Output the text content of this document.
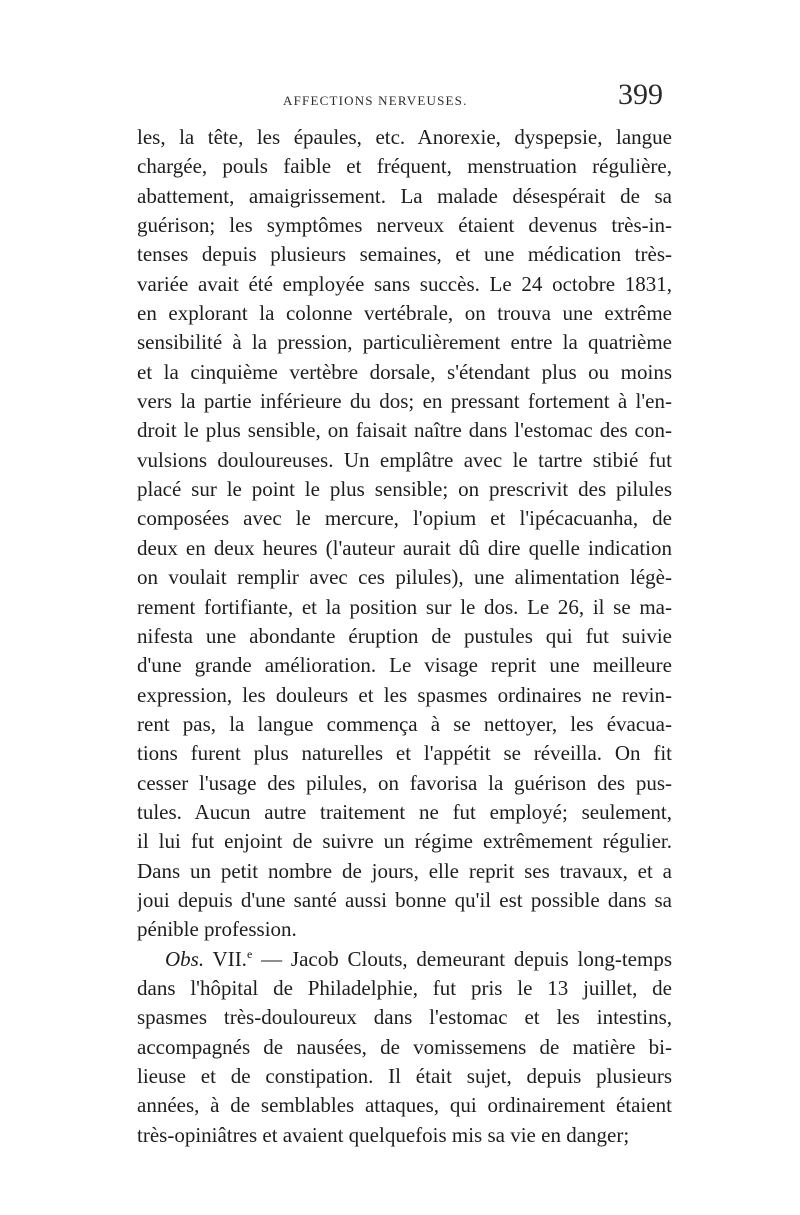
AFFECTIONS NERVEUSES.	399
les, la tête, les épaules, etc. Anorexie, dyspepsie, langue
chargée, pouls faible et fréquent, menstruation régulière,
abattement, amaigrissement. La malade désespérait de sa
guérison; les symptômes nerveux étaient devenus très-in-
tenses depuis plusieurs semaines, et une médication très-
variée avait été employée sans succès. Le 24 octobre 1831,
en explorant la colonne vertébrale, on trouva une extrême
sensibilité à la pression, particulièrement entre la quatrième
et la cinquième vertèbre dorsale, s'étendant plus ou moins
vers la partie inférieure du dos; en pressant fortement à l'en-
droit le plus sensible, on faisait naître dans l'estomac des con-
vulsions douloureuses. Un emplâtre avec le tartre stibié fut
placé sur le point le plus sensible; on prescrivit des pilules
composées avec le mercure, l'opium et l'ipécacuanha, de
deux en deux heures (l'auteur aurait dû dire quelle indication
on voulait remplir avec ces pilules), une alimentation légè-
rement fortifiante, et la position sur le dos. Le 26, il se ma-
nifesta une abondante éruption de pustules qui fut suivie
d'une grande amélioration. Le visage reprit une meilleure
expression, les douleurs et les spasmes ordinaires ne revin-
rent pas, la langue commença à se nettoyer, les évacua-
tions furent plus naturelles et l'appétit se réveilla. On fit
cesser l'usage des pilules, on favorisa la guérison des pus-
tules. Aucun autre traitement ne fut employé; seulement,
il lui fut enjoint de suivre un régime extrêmement régulier.
Dans un petit nombre de jours, elle reprit ses travaux, et a
joui depuis d'une santé aussi bonne qu'il est possible dans sa
pénible profession.
Obs. VII.$^e$ — Jacob Clouts, demeurant depuis long-temps
dans l'hôpital de Philadelphie, fut pris le 13 juillet, de
spasmes très-douloureux dans l'estomac et les intestins,
accompagnés de nausées, de vomissemens de matière bi-
lieuse et de constipation. Il était sujet, depuis plusieurs
années, à de semblables attaques, qui ordinairement étaient
très-opiniâtres et avaient quelquefois mis sa vie en danger;
